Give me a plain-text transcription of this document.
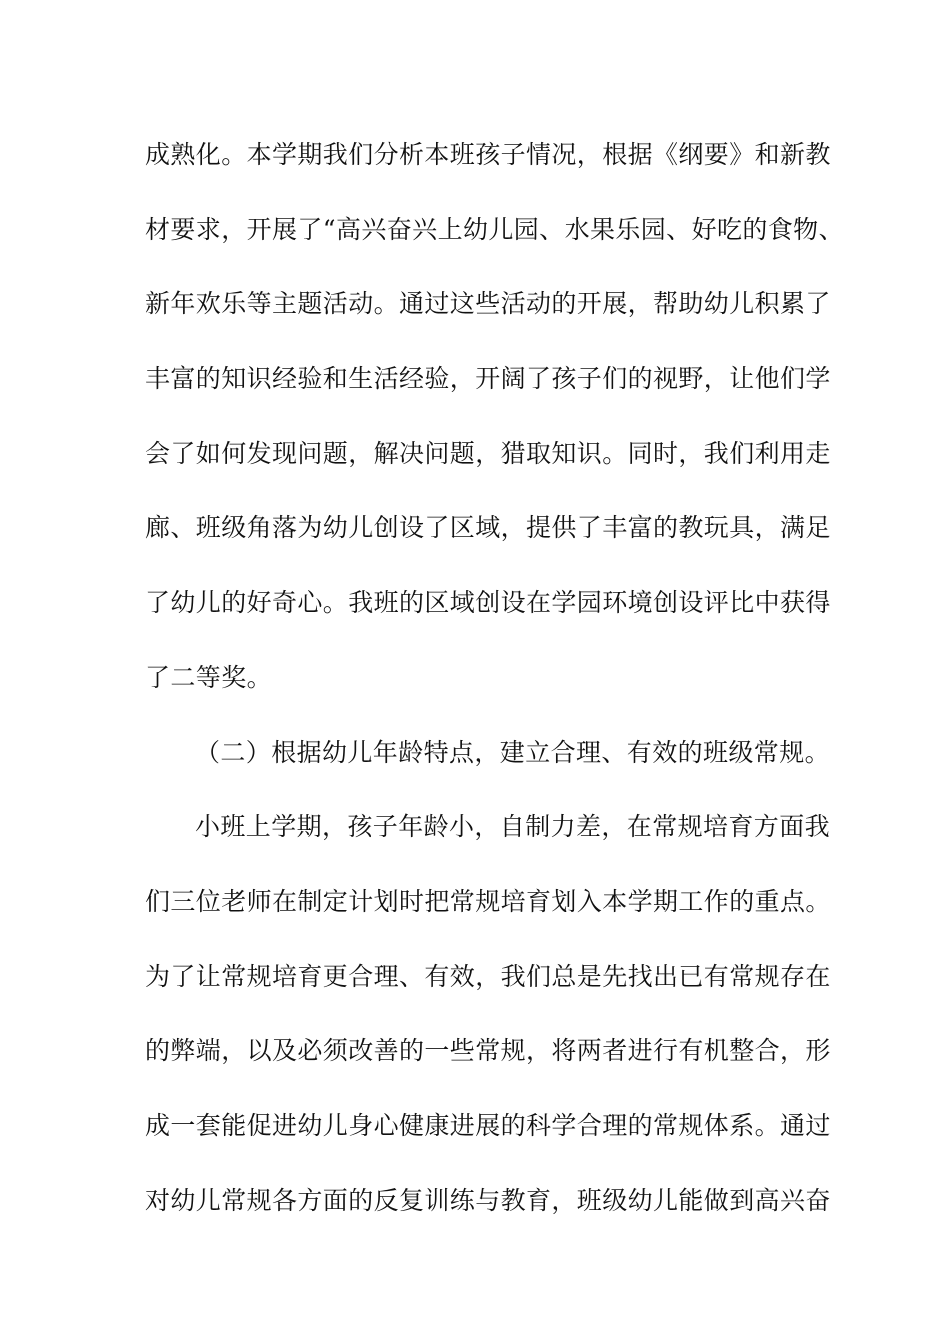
成熟化。本学期我们分析本班孩子情况，根据《纲要》和新教
材要求，开展了“高兴奋兴上幼儿园、水果乐园、好吃的食物、
新年欢乐等主题活动。通过这些活动的开展，帮助幼儿积累了
丰富的知识经验和生活经验，开阔了孩子们的视野，让他们学
会了如何发现问题，解决问题，猎取知识。同时，我们利用走
廊、班级角落为幼儿创设了区域，提供了丰富的教玩具，满足
了幼儿的好奇心。我班的区域创设在学园环境创设评比中获得
了二等奖。
（二）根据幼儿年龄特点，建立合理、有效的班级常规。
小班上学期，孩子年龄小，自制力差，在常规培育方面我
们三位老师在制定计划时把常规培育划入本学期工作的重点。
为了让常规培育更合理、有效，我们总是先找出已有常规存在
的弊端，以及必须改善的一些常规，将两者进行有机整合，形
成一套能促进幼儿身心健康进展的科学合理的常规体系。通过
对幼儿常规各方面的反复训练与教育，班级幼儿能做到高兴奋
